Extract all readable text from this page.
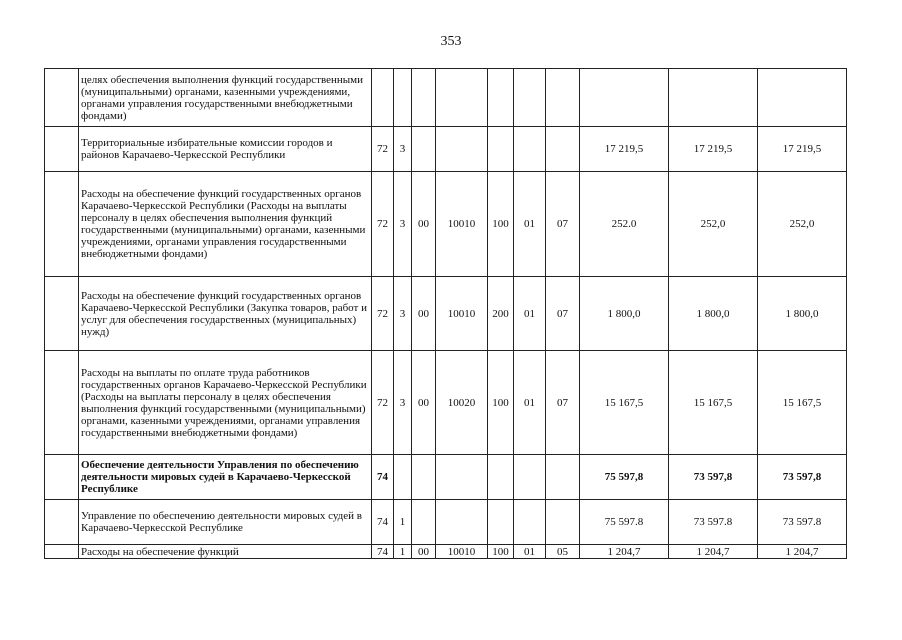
353
	целях обеспечения выполнения функций государственными (муниципальными) органами, казенными учреждениями, органами управления государственными внебюджетными фондами)										
	Территориальные избирательные комиссии городов и районов Карачаево-Черкесской Республики	72	3						17 219,5	17 219,5	17 219,5
	Расходы на обеспечение функций государственных органов Карачаево-Черкесской Республики (Расходы на выплаты персоналу в целях обеспечения выполнения функций государственными (муниципальными) органами, казенными учреждениями, органами управления государственными внебюджетными фондами)	72	3	00	10010	100	01	07	252.0	252,0	252,0
	Расходы на обеспечение функций государственных органов Карачаево-Черкесской Республики (Закупка товаров, работ и услуг для обеспечения государственных (муниципальных) нужд)	72	3	00	10010	200	01	07	1 800,0	1 800,0	1 800,0
	Расходы на выплаты по оплате труда работников государственных органов Карачаево-Черкесской Республики (Расходы на выплаты персоналу в целях обеспечения выполнения функций государственными (муниципальными) органами, казенными учреждениями, органами управления государственными внебюджетными фондами)	72	3	00	10020	100	01	07	15 167,5	15 167,5	15 167,5
	Обеспечение деятельности Управления по обеспечению деятельности мировых судей в Карачаево-Черкесской Республике	74							75 597,8	73 597,8	73 597,8
	Управление по обеспечению деятельности мировых судей в Карачаево-Черкесской Республике	74	1						75 597.8	73 597.8	73 597.8
	Расходы на обеспечение функций	74	1	00	10010	100	01	05	1 204,7	1 204,7	1 204,7
